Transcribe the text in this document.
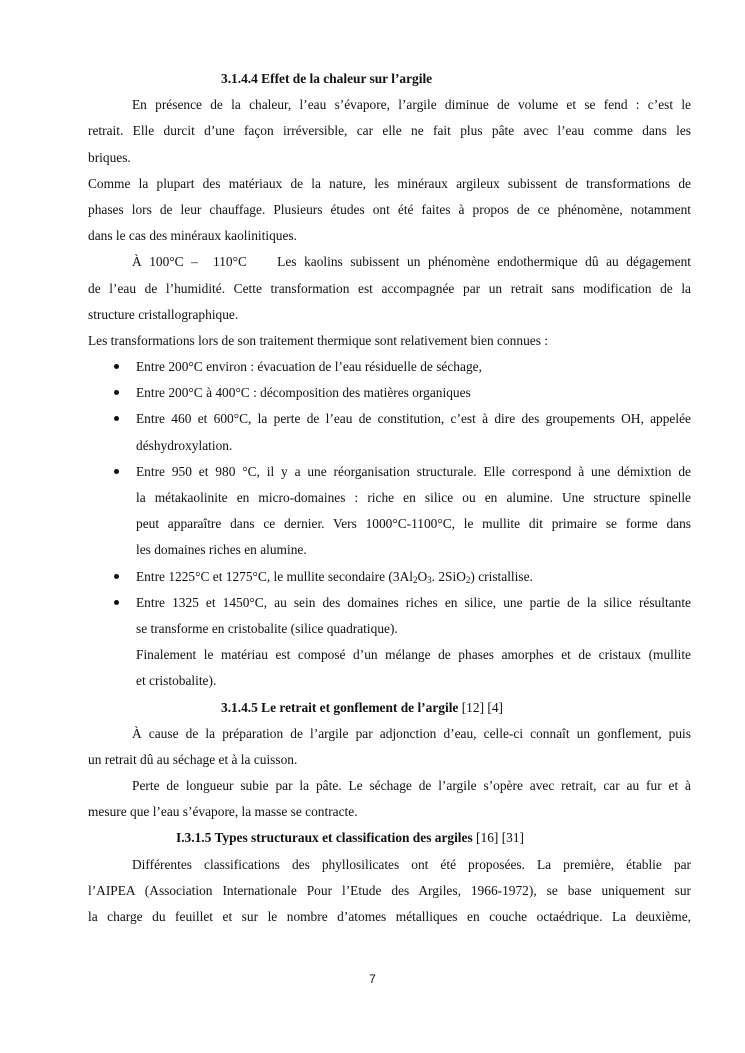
3.1.4.4 Effet de la chaleur sur l’argile
En présence de la chaleur, l’eau s’évapore, l’argile diminue de volume et se fend : c’est le
retrait. Elle durcit d’une façon irréversible, car elle ne fait plus pâte avec l’eau comme dans les
briques.
Comme la plupart des matériaux de la nature, les minéraux argileux subissent de transformations de
phases lors de leur chauffage. Plusieurs études ont été faites à propos de ce phénomène, notamment
dans le cas des minéraux kaolinitiques.
À 100°C –  110°C    Les kaolins subissent un phénomène endothermique dû au dégagement
de l’eau de l’humidité. Cette transformation est accompagnée par un retrait sans modification de la
structure cristallographique.
Les transformations lors de son traitement thermique sont relativement bien connues :
Entre 200°C environ : évacuation de l’eau résiduelle de séchage,
Entre 200°C à 400°C : décomposition des matières organiques
Entre 460 et 600°C, la perte de l’eau de constitution, c’est à dire des groupements OH, appelée
déshydroxylation.
Entre 950 et 980 °C, il y a une réorganisation structurale. Elle correspond à une démixtion de
la métakaolinite en micro-domaines : riche en silice ou en alumine. Une structure spinelle
peut apparaître dans ce dernier. Vers 1000°C-1100°C, le mullite dit primaire se forme dans
les domaines riches en alumine.
Entre 1225°C et 1275°C, le mullite secondaire ($3Al_2O_3$. 2SiO$_2$) cristallise.
Entre 1325 et 1450°C, au sein des domaines riches en silice, une partie de la silice résultante
se transforme en cristobalite (silice quadratique).
Finalement le matériau est composé d’un mélange de phases amorphes et de cristaux (mullite
et cristobalite).
3.1.4.5 Le retrait et gonflement de l’argile [12] [4]
À cause de la préparation de l’argile par adjonction d’eau, celle-ci connaît un gonflement, puis
un retrait dû au séchage et à la cuisson.
Perte de longueur subie par la pâte. Le séchage de l’argile s’opère avec retrait, car au fur et à
mesure que l’eau s’évapore, la masse se contracte.
I.3.1.5 Types structuraux et classification des argiles [16] [31]
Différentes classifications des phyllosilicates ont été proposées. La première, établie par
l’AIPEA (Association Internationale Pour l’Etude des Argiles, 1966-1972), se base uniquement sur
la charge du feuillet et sur le nombre d’atomes métalliques en couche octaédrique. La deuxième,
7
